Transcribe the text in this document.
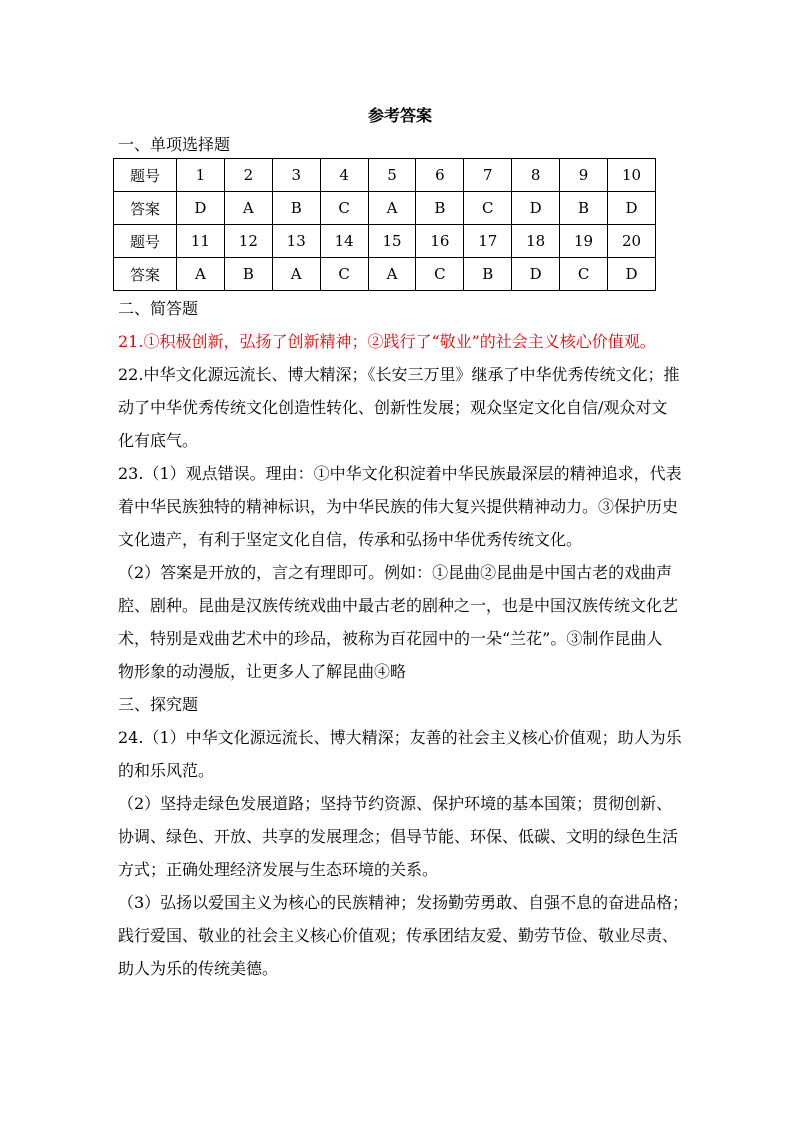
参考答案
一、单项选择题
题号	1	2	3	4	5	6	7	8	9	10
答案	D	A	B	C	A	B	C	D	B	D
题号	11	12	13	14	15	16	17	18	19	20
答案	A	B	A	C	A	C	B	D	C	D
二、简答题
21.①积极创新，弘扬了创新精神；②践行了“敬业”的社会主义核心价值观。
22.中华文化源远流长、博大精深；《长安三万里》继承了中华优秀传统文化；推
动了中华优秀传统文化创造性转化、创新性发展；观众坚定文化自信/观众对文
化有底气。
23.（1）观点错误。理由：①中华文化积淀着中华民族最深层的精神追求，代表
着中华民族独特的精神标识，为中华民族的伟大复兴提供精神动力。③保护历史
文化遗产，有利于坚定文化自信，传承和弘扬中华优秀传统文化。
（2）答案是开放的，言之有理即可。例如：①昆曲②昆曲是中国古老的戏曲声
腔、剧种。昆曲是汉族传统戏曲中最古老的剧种之一，也是中国汉族传统文化艺
术，特别是戏曲艺术中的珍品，被称为百花园中的一朵“兰花”。③制作昆曲人
物形象的动漫版，让更多人了解昆曲④略
三、探究题
24.（1）中华文化源远流长、博大精深；友善的社会主义核心价值观；助人为乐
的和乐风范。
（2）坚持走绿色发展道路；坚持节约资源、保护环境的基本国策；贯彻创新、
协调、绿色、开放、共享的发展理念；倡导节能、环保、低碳、文明的绿色生活
方式；正确处理经济发展与生态环境的关系。
（3）弘扬以爱国主义为核心的民族精神；发扬勤劳勇敢、自强不息的奋进品格；
践行爱国、敬业的社会主义核心价值观；传承团结友爱、勤劳节俭、敬业尽责、
助人为乐的传统美德。
